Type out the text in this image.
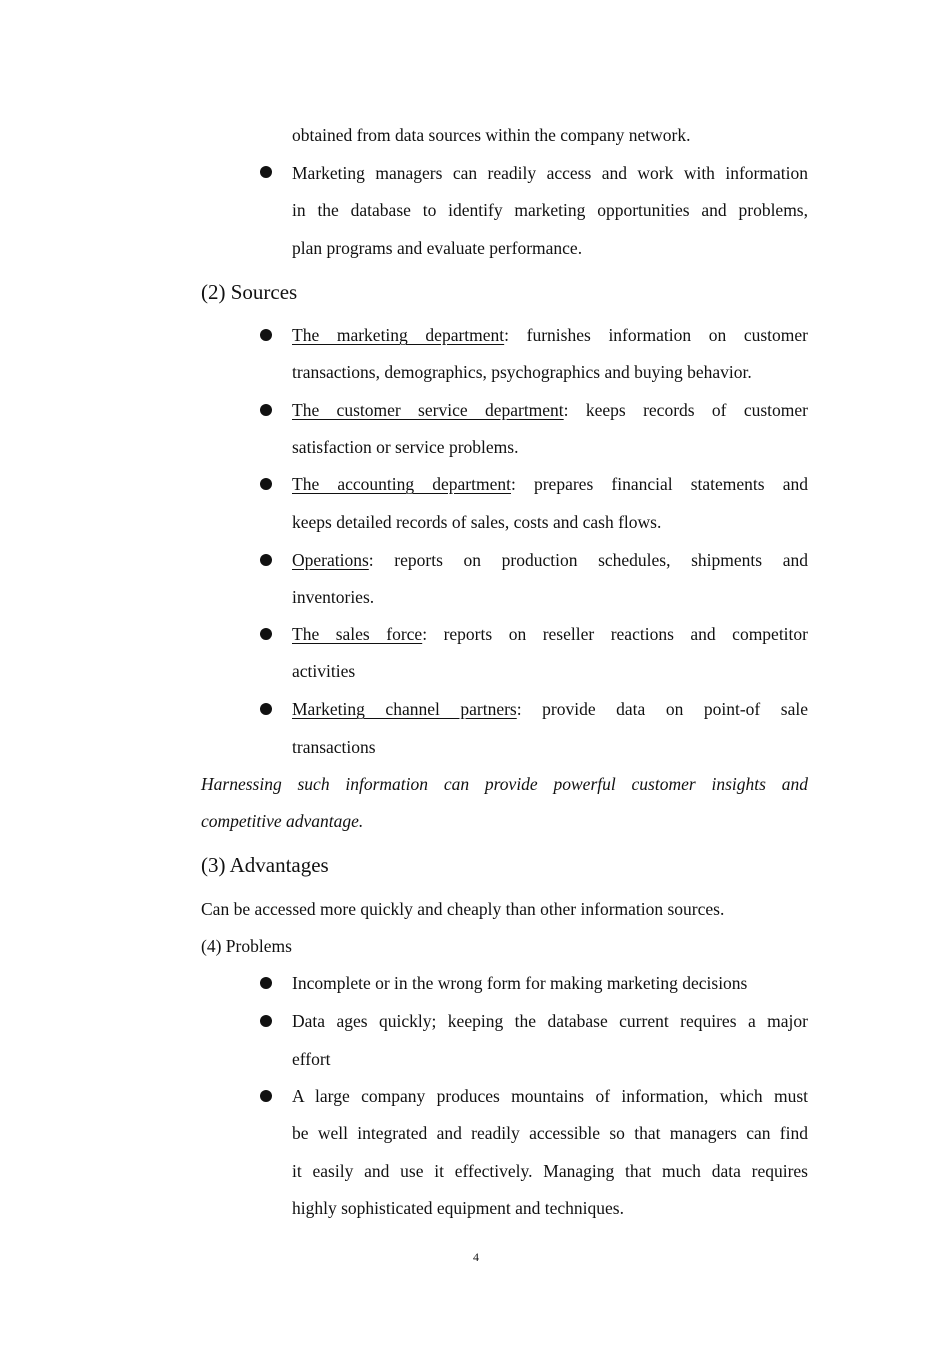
obtained from data sources within the company network.
Marketing managers can readily access and work with information
in the database to identify marketing opportunities and problems,
plan programs and evaluate performance.
(2) Sources
The marketing department: furnishes information on customer
transactions, demographics, psychographics and buying behavior.
The customer service department: keeps records of customer
satisfaction or service problems.
The accounting department: prepares financial statements and
keeps detailed records of sales, costs and cash flows.
Operations: reports on production schedules, shipments and
inventories.
The sales force: reports on reseller reactions and competitor
activities
Marketing channel partners: provide data on point-of sale
transactions
Harnessing such information can provide powerful customer insights and
competitive advantage.
(3) Advantages
Can be accessed more quickly and cheaply than other information sources.
(4) Problems
Incomplete or in the wrong form for making marketing decisions
Data ages quickly; keeping the database current requires a major
effort
A large company produces mountains of information, which must
be well integrated and readily accessible so that managers can find
it easily and use it effectively. Managing that much data requires
highly sophisticated equipment and techniques.
4
